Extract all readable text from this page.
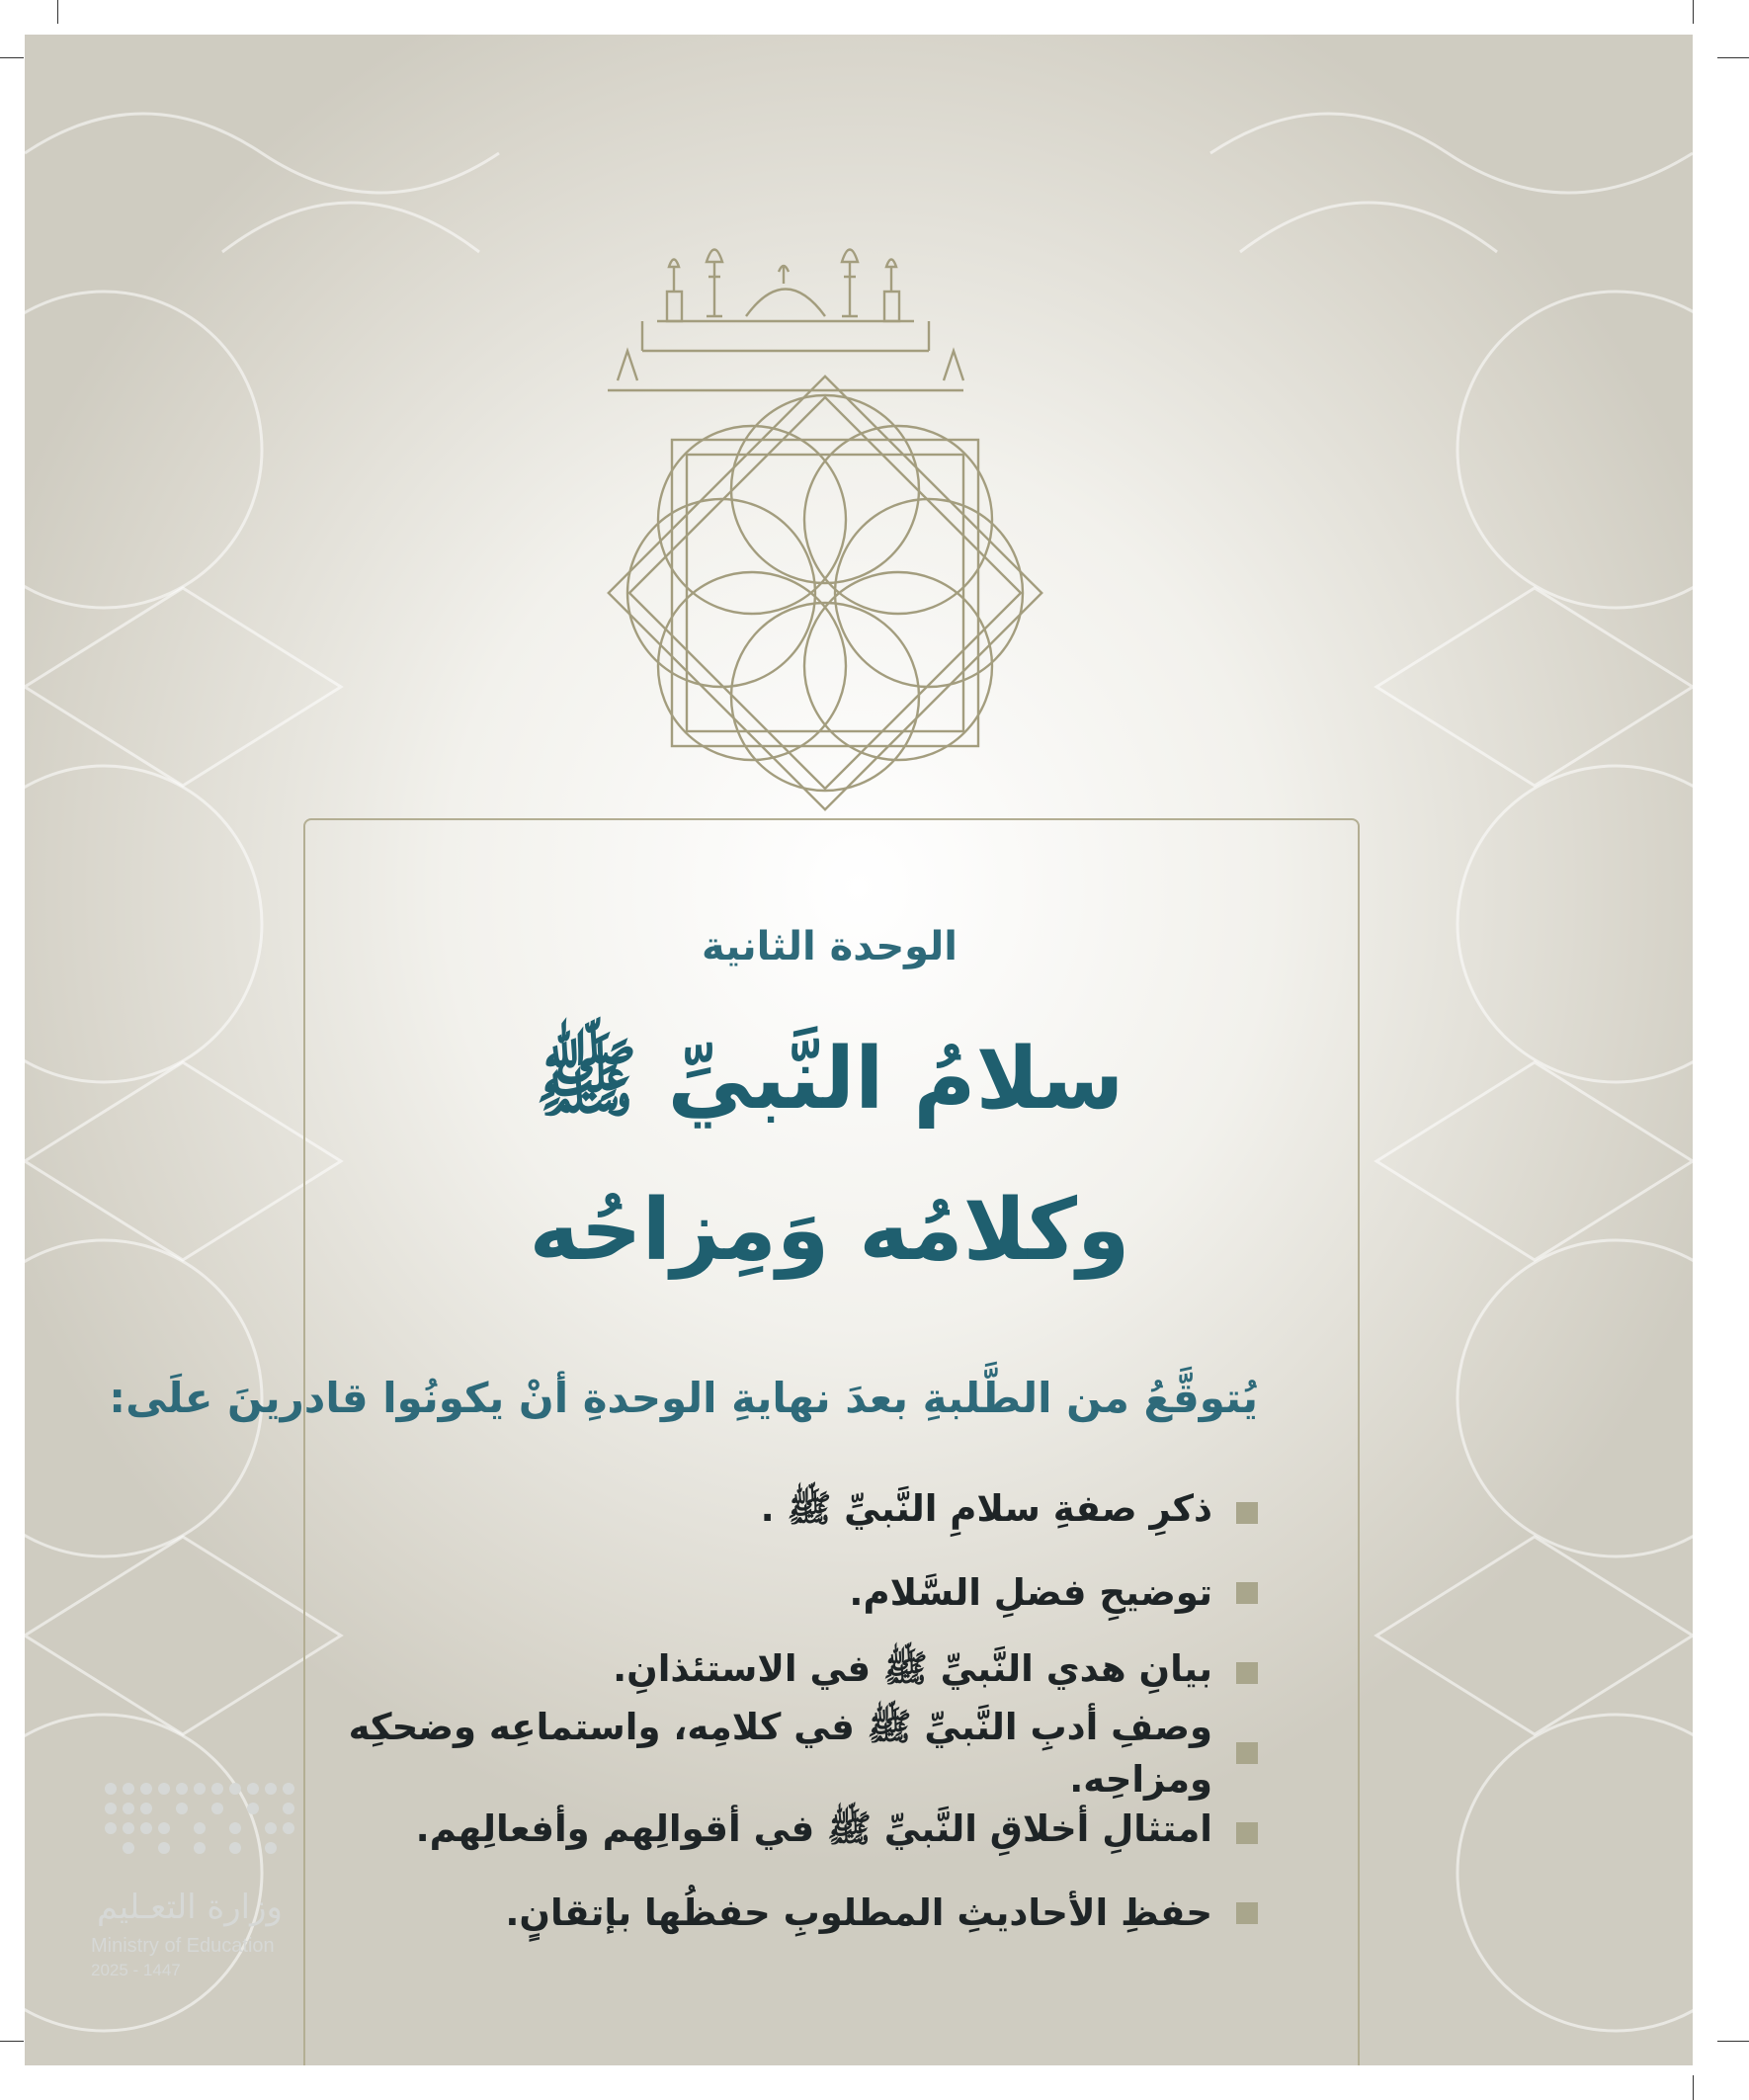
الوحدة الثانية
سلامُ النَّبيِّ ﷺ
وكلامُه وَمِزاحُه
يُتوقَّعُ من الطَّلبةِ بعدَ نهايةِ الوحدةِ أنْ يكونُوا قادرينَ علَى:
ذكرِ صفةِ سلامِ النَّبيِّ ﷺ .
توضيحِ فضلِ السَّلام.
بيانِ هدي النَّبيِّ ﷺ في الاستئذانِ.
وصفِ أدبِ النَّبيِّ ﷺ في كلامِه، واستماعِه وضحكِه ومزاحِه.
امتثالِ أخلاقِ النَّبيِّ ﷺ في أقوالِهم وأفعالِهم.
حفظِ الأحاديثِ المطلوبِ حفظُها بإتقانٍ.
وزارة التعـليم
Ministry of Education
2025 - 1447
